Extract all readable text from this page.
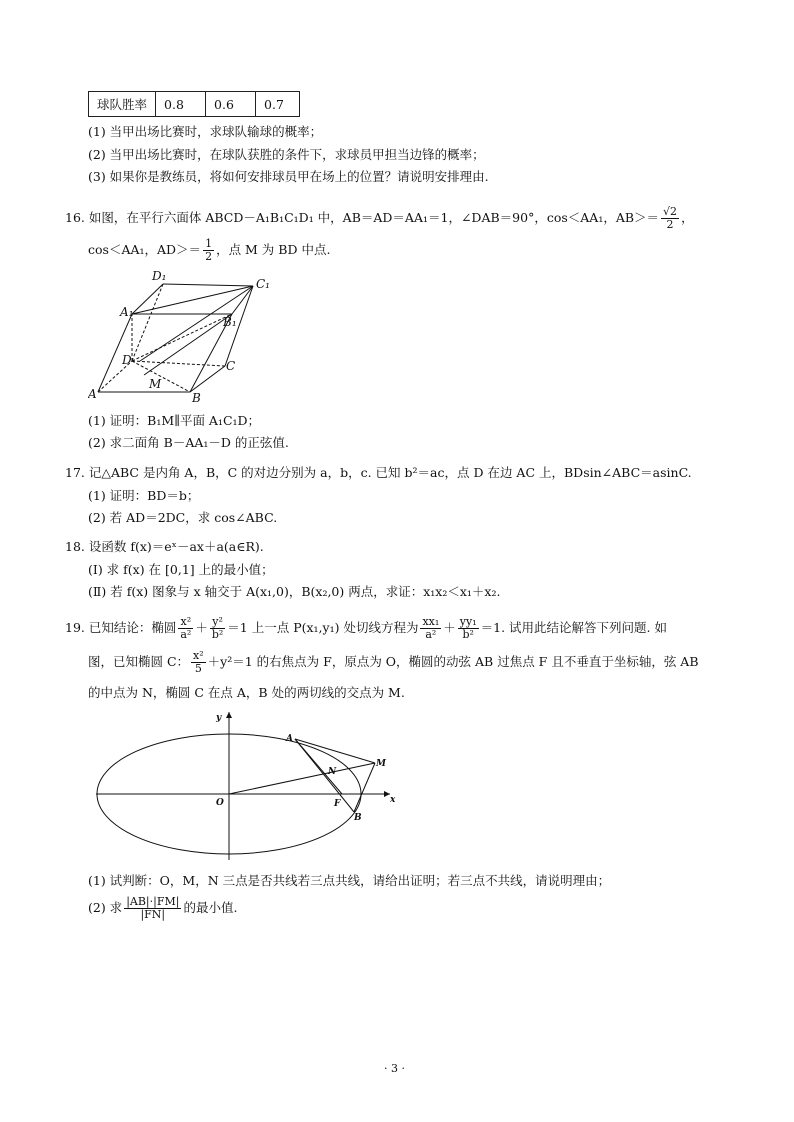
球队胜率	0.8	0.6	0.7
(1) 当甲出场比赛时，求球队输球的概率；
(2) 当甲出场比赛时，在球队获胜的条件下，求球员甲担当边锋的概率；
(3) 如果你是教练员，将如何安排球员甲在场上的位置？请说明安排理由.
16. 如图，在平行六面体 ABCD－A₁B₁C₁D₁ 中，AB＝AD＝AA₁＝1，∠DAB＝90°，cos＜AA₁，$AB>= \frac{√2}{2}$ ，
cos＜AA₁，$AD>= \frac{1}{2}$ ，点 M 为 BD 中点.
D₁
C₁
A₁
B₁
D	C
A	B
M
(1) 证明：B₁M∥平面 A₁C₁D；
(2) 求二面角 B－AA₁－D 的正弦值.
17. 记△ABC 是内角 A，B，C 的对边分别为 a，b，c. 已知 b²＝ac，点 D 在边 AC 上，BDsin∠ABC＝asinC.
(1) 证明：BD＝b；
(2) 若 AD＝2DC，求 cos∠ABC.
18. 设函数 f(x)＝eˣ－ax＋a(a∈R).
(Ⅰ) 求 f(x) 在 [0,1] 上的最小值；
(Ⅱ) 若 f(x) 图象与 x 轴交于 A(x₁,0)，B(x₂,0) 两点，求证：x₁x₂＜x₁＋x₂.
19. 已知结论：椭圆 $\frac{\text{x²}}{\text{a²}} + \frac{\text{y²}}{\text{b²}} =1$ 上一点 P(x₁,y₁) 处切线方程为 $\frac{\text{xx₁}}{\text{a²}} + \frac{\text{yy₁}}{\text{b²}} =1$. 试用此结论解答下列问题. 如
图，已知椭圆 C： $\frac{\text{x²}}{5} +y^2=1$ 的右焦点为 F，原点为 O，椭圆的动弦 AB 过焦点 F 且不垂直于坐标轴，弦 AB
的中点为 N，椭圆 C 在点 A，B 处的两切线的交点为 M.
y
x
O
A
B
F
N
M
(1) 试判断：O，M，N 三点是否共线若三点共线，请给出证明；若三点不共线，请说明理由；
(2) 求 $\frac{|AB|\cdot|FM|}{|FN|}$ 的最小值.
· 3 ·
